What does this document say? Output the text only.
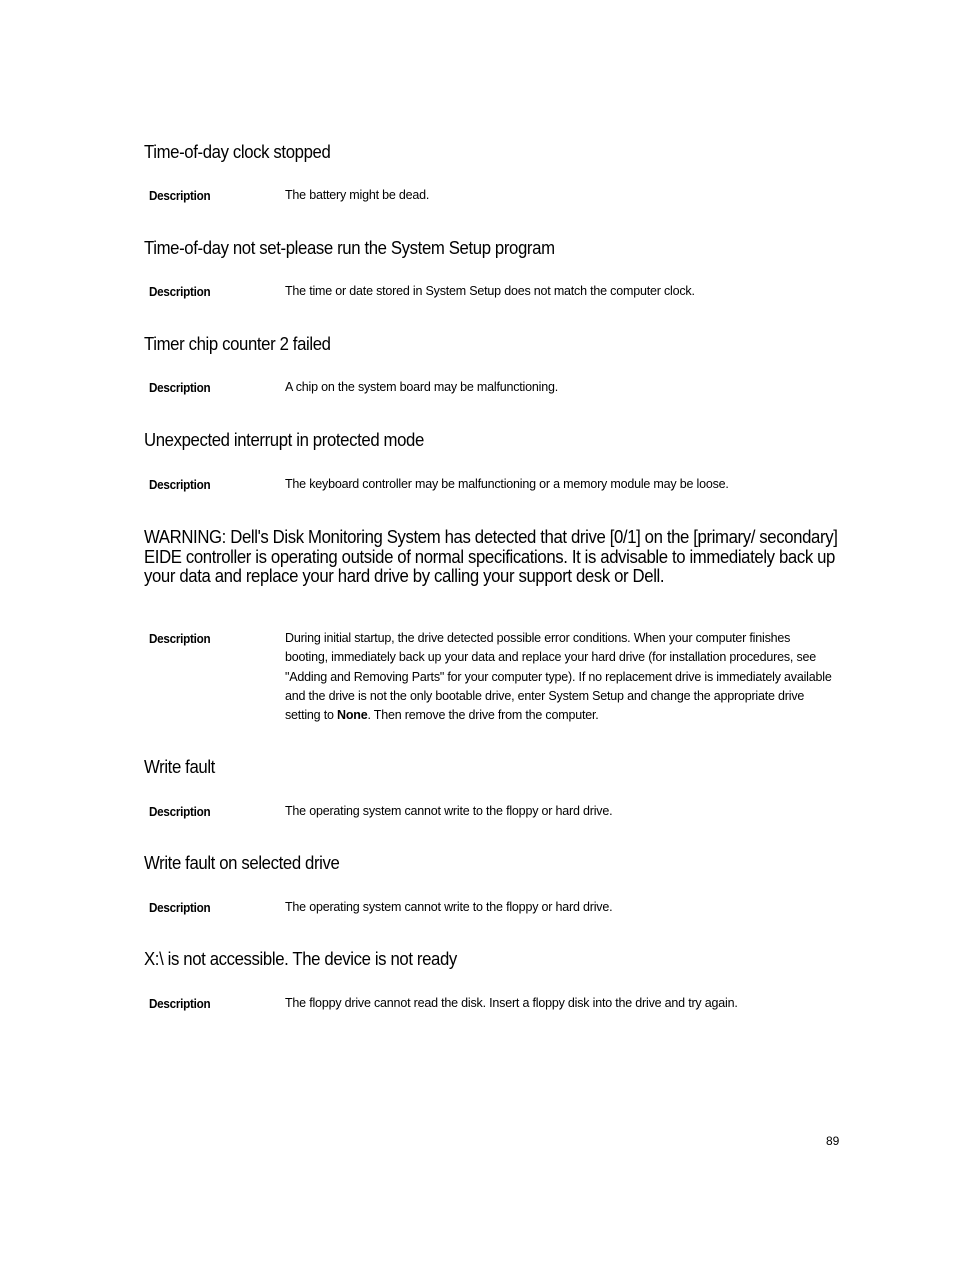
Time-of-day clock stopped
Description	The battery might be dead.
Time-of-day not set-please run the System Setup program
Description	The time or date stored in System Setup does not match the computer clock.
Timer chip counter 2 failed
Description	A chip on the system board may be malfunctioning.
Unexpected interrupt in protected mode
Description	The keyboard controller may be malfunctioning or a memory module may be loose.
WARNING: Dell's Disk Monitoring System has detected that drive [0/1] on the [primary/ secondary] EIDE controller is operating outside of normal specifications. It is advisable to immediately back up your data and replace your hard drive by calling your support desk or Dell.
Description	During initial startup, the drive detected possible error conditions. When your computer finishes booting, immediately back up your data and replace your hard drive (for installation procedures, see "Adding and Removing Parts" for your computer type). If no replacement drive is immediately available and the drive is not the only bootable drive, enter System Setup and change the appropriate drive setting to None. Then remove the drive from the computer.
Write fault
Description	The operating system cannot write to the floppy or hard drive.
Write fault on selected drive
Description	The operating system cannot write to the floppy or hard drive.
X:\ is not accessible. The device is not ready
Description	The floppy drive cannot read the disk. Insert a floppy disk into the drive and try again.
89
